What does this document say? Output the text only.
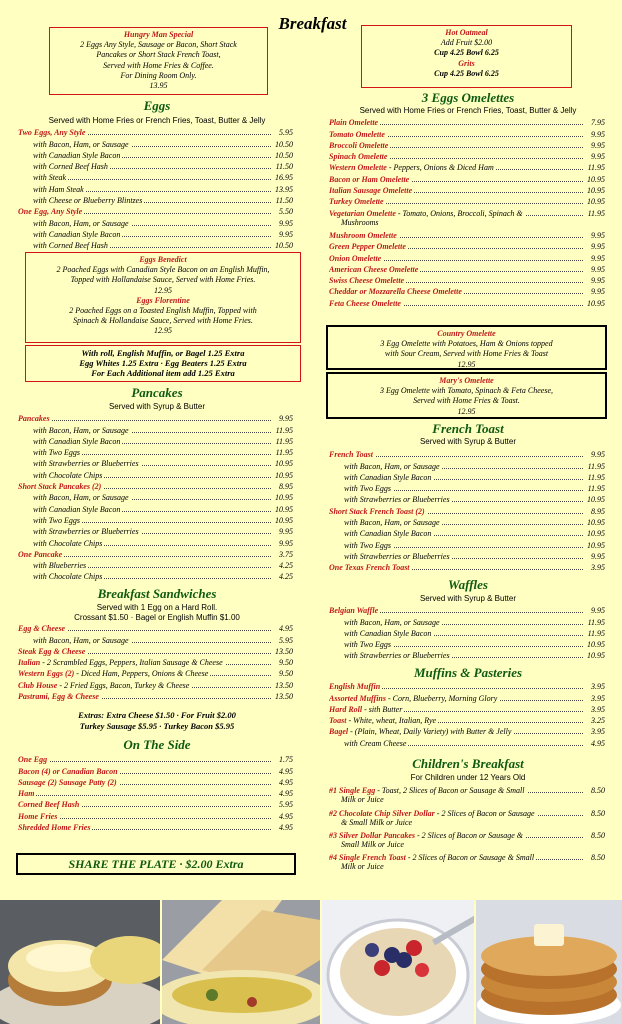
Breakfast
Hungry Man Special
2 Eggs Any Style, Sausage or Bacon, Short Stack
Pancakes or Short Stack French Toast,
Served with Home Fries & Coffee.
For Dining Room Only.
13.95
Hot Oatmeal
Add Fruit $2.00
Cup 4.25 Bowl 6.25
Grits
Cup 4.25 Bowl 6.25
Eggs
Served with Home Fries or French Fries, Toast, Butter & Jelly
Two Eggs, Any Style	5.95
with Bacon, Ham, or Sausage	10.50
with Canadian Style Bacon	10.50
with Corned Beef Hash	11.50
with Steak	16.95
with Ham Steak	13.95
with Cheese or Blueberry Blintzes	11.50
One Egg, Any Style	5.50
with Bacon, Ham, or Sausage	9.95
with Canadian Style Bacon	9.95
with Corned Beef Hash	10.50
Eggs Benedict
2 Poached Eggs with Canadian Style Bacon on an English Muffin,
Topped with Hollandaise Sauce, Served with Home Fries.
12.95
Eggs Florentine
2 Poached Eggs on a Toasted English Muffin, Topped with
Spinach & Hollandaise Sauce, Served with Home Fries.
12.95
With roll, English Muffin, or Bagel 1.25 Extra
Egg Whites 1.25 Extra · Egg Beaters 1.25 Extra
For Each Additional item add 1.25 Extra
Pancakes
Served with Syrup & Butter
Pancakes	9.95
with Bacon, Ham, or Sausage	11.95
with Canadian Style Bacon	11.95
with Two Eggs	11.95
with Strawberries or Blueberries	10.95
with Chocolate Chips	10.95
Short Stack Pancakes (2)	8.95
with Bacon, Ham, or Sausage	10.95
with Canadian Style Bacon	10.95
with Two Eggs	10.95
with Strawberries or Blueberries	9.95
with Chocolate Chips	9.95
One Pancake	3.75
with Blueberries	4.25
with Chocolate Chips	4.25
Breakfast Sandwiches
Served with 1 Egg on a Hard Roll.
Crossant $1.50 · Bagel or English Muffin $1.00
Egg & Cheese	4.95
with Bacon, Ham, or Sausage	5.95
Steak Egg & Cheese	13.50
Italian - 2 Scrambled Eggs, Peppers, Italian Sausage & Cheese	9.50
Western Eggs (2) - Diced Ham, Peppers, Onions & Cheese	9.50
Club House - 2 Fried Eggs, Bacon, Turkey & Cheese	13.50
Pastrami, Egg & Cheese	13.50
Extras: Extra Cheese $1.50 · For Fruit $2.00
Turkey Sausage $5.95 · Turkey Bacon $5.95
On The Side
One Egg	1.75
Bacon (4) or Canadian Bacon	4.95
Sausage (2) Sausage Patty (2)	4.95
Ham	4.95
Corned Beef Hash	5.95
Home Fries	4.95
Shredded Home Fries	4.95
SHARE THE PLATE · $2.00 Extra
3 Eggs Omelettes
Served with Home Fries or French Fries, Toast, Butter & Jelly
Plain Omelette	7.95
Tomato Omelette	9.95
Broccoli Omelette	9.95
Spinach Omelette	9.95
Western Omelette - Peppers, Onions & Diced Ham	11.95
Bacon or Ham Omelette	10.95
Italian Sausage Omelette	10.95
Turkey Omelette	10.95
Vegetarian Omelette - Tomato, Onions, Broccoli, Spinach &	11.95
Mushrooms
Mushroom Omelette	9.95
Green Pepper Omelette	9.95
Onion Omelette	9.95
American Cheese Omelette	9.95
Swiss Cheese Omelette	9.95
Cheddar or Mozzarella Cheese Omelette	9.95
Feta Cheese Omelette	10.95
Country Omelette
3 Egg Omelette with Potatoes, Ham & Onions topped
with Sour Cream, Served with Home Fries & Toast
12.95
Mary's Omelette
3 Egg Omelette with Tomato, Spinach & Feta Cheese,
Served with Home Fries & Toast.
12.95
French Toast
Served with Syrup & Butter
French Toast	9.95
with Bacon, Ham, or Sausage	11.95
with Canadian Style Bacon	11.95
with Two Eggs	11.95
with Strawberries or Blueberries	10.95
Short Stack French Toast (2)	8.95
with Bacon, Ham, or Sausage	10.95
with Canadian Style Bacon	10.95
with Two Eggs	10.95
with Strawberries or Blueberries	9.95
One Texas French Toast	3.95
Waffles
Served with Syrup & Butter
Belgian Waffle	9.95
with Bacon, Ham, or Sausage	11.95
with Canadian Style Bacon	11.95
with Two Eggs	10.95
with Strawberries or Blueberries	10.95
Muffins & Pasteries
English Muffin	3.95
Assorted Muffins - Corn, Blueberry, Morning Glory	3.95
Hard Roll - sith Butter	3.95
Toast - White, wheat, Italian, Rye	3.25
Bagel - (Plain, Wheat, Daily Variety) with Butter & Jelly	3.95
with Cream Cheese	4.95
Children's Breakfast
For Children under 12 Years Old
#1 Single Egg - Toast, 2 Slices of Bacon or Sausage & Small	8.50
Milk or Juice
#2 Chocolate Chip Silver Dollar - 2 Slices of Bacon or Sausage	8.50
& Small Milk or Juice
#3 Silver Dollar Pancakes - 2 Slices of Bacon or Sausage &	8.50
Small Milk or Juice
#4 Single French Toast - 2 Slices of Bacon or Sausage & Small	8.50
Milk or Juice
